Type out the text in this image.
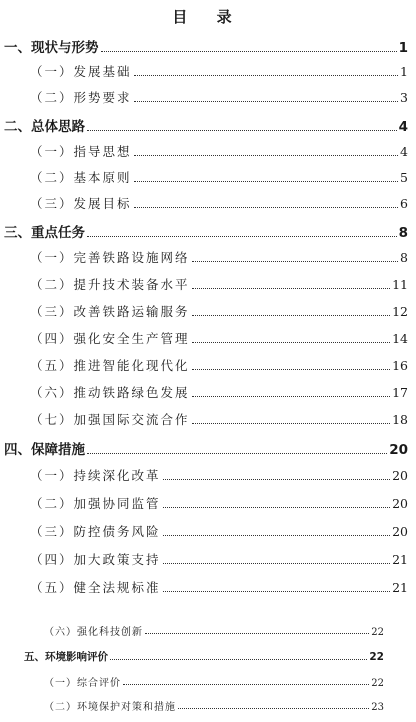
目 录
一、现状与形势	1
（一）发展基础	1
（二）形势要求	3
二、总体思路	4
（一）指导思想	4
（二）基本原则	5
（三）发展目标	6
三、重点任务	8
（一）完善铁路设施网络	8
（二）提升技术装备水平	11
（三）改善铁路运输服务	12
（四）强化安全生产管理	14
（五）推进智能化现代化	16
（六）推动铁路绿色发展	17
（七）加强国际交流合作	18
四、保障措施	20
（一）持续深化改革	20
（二）加强协同监管	20
（三）防控债务风险	20
（四）加大政策支持	21
（五）健全法规标准	21
（六）强化科技创新	22
五、环境影响评价	22
（一）综合评价	22
（二）环境保护对策和措施	23
